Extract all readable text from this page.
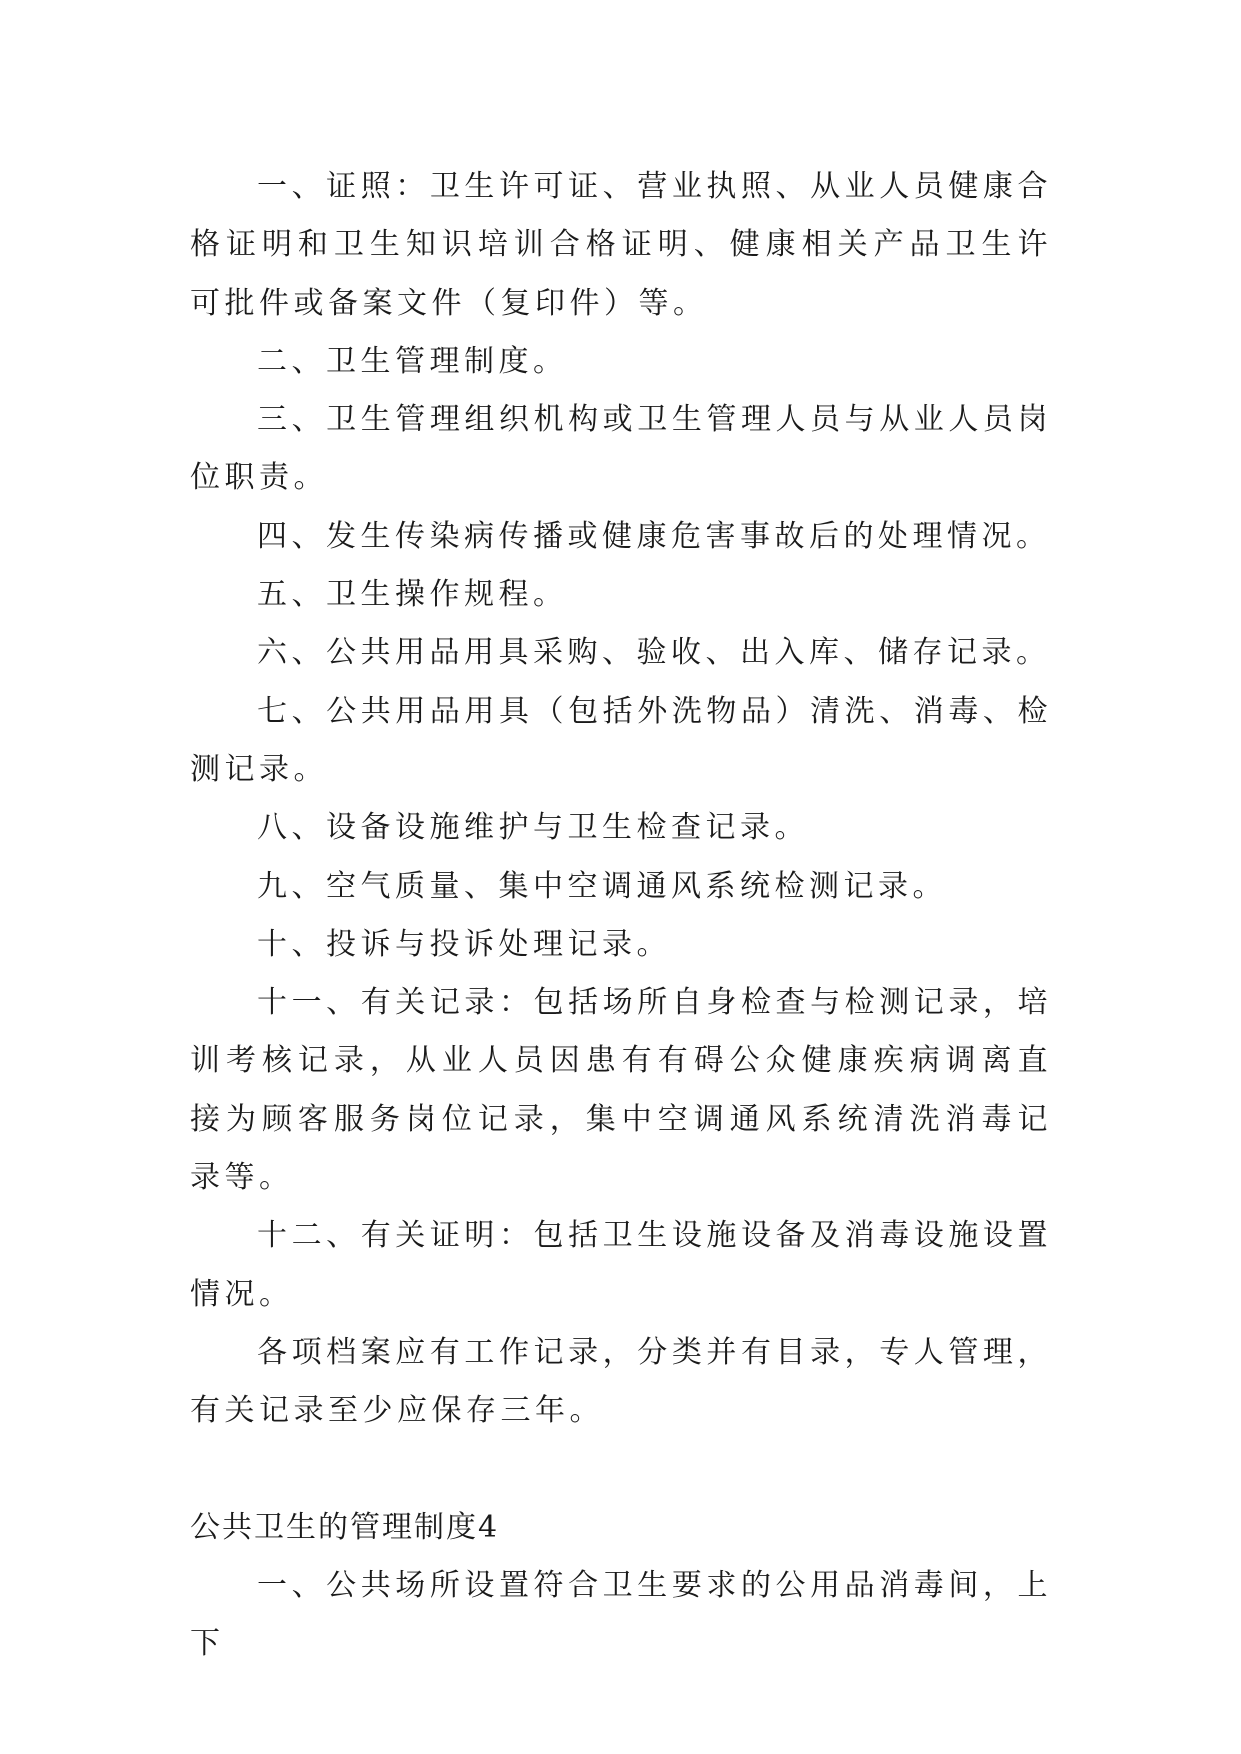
一、证照：卫生许可证、营业执照、从业人员健康合格证明和卫生知识培训合格证明、健康相关产品卫生许可批件或备案文件（复印件）等。

二、卫生管理制度。

三、卫生管理组织机构或卫生管理人员与从业人员岗位职责。

四、发生传染病传播或健康危害事故后的处理情况。

五、卫生操作规程。

六、公共用品用具采购、验收、出入库、储存记录。

七、公共用品用具（包括外洗物品）清洗、消毒、检测记录。

八、设备设施维护与卫生检查记录。

九、空气质量、集中空调通风系统检测记录。

十、投诉与投诉处理记录。

十一、有关记录：包括场所自身检查与检测记录，培训考核记录，从业人员因患有有碍公众健康疾病调离直接为顾客服务岗位记录，集中空调通风系统清洗消毒记录等。

十二、有关证明：包括卫生设施设备及消毒设施设置情况。

各项档案应有工作记录，分类并有目录，专人管理，有关记录至少应保存三年。

公共卫生的管理制度4

一、公共场所设置符合卫生要求的公用品消毒间，上下
